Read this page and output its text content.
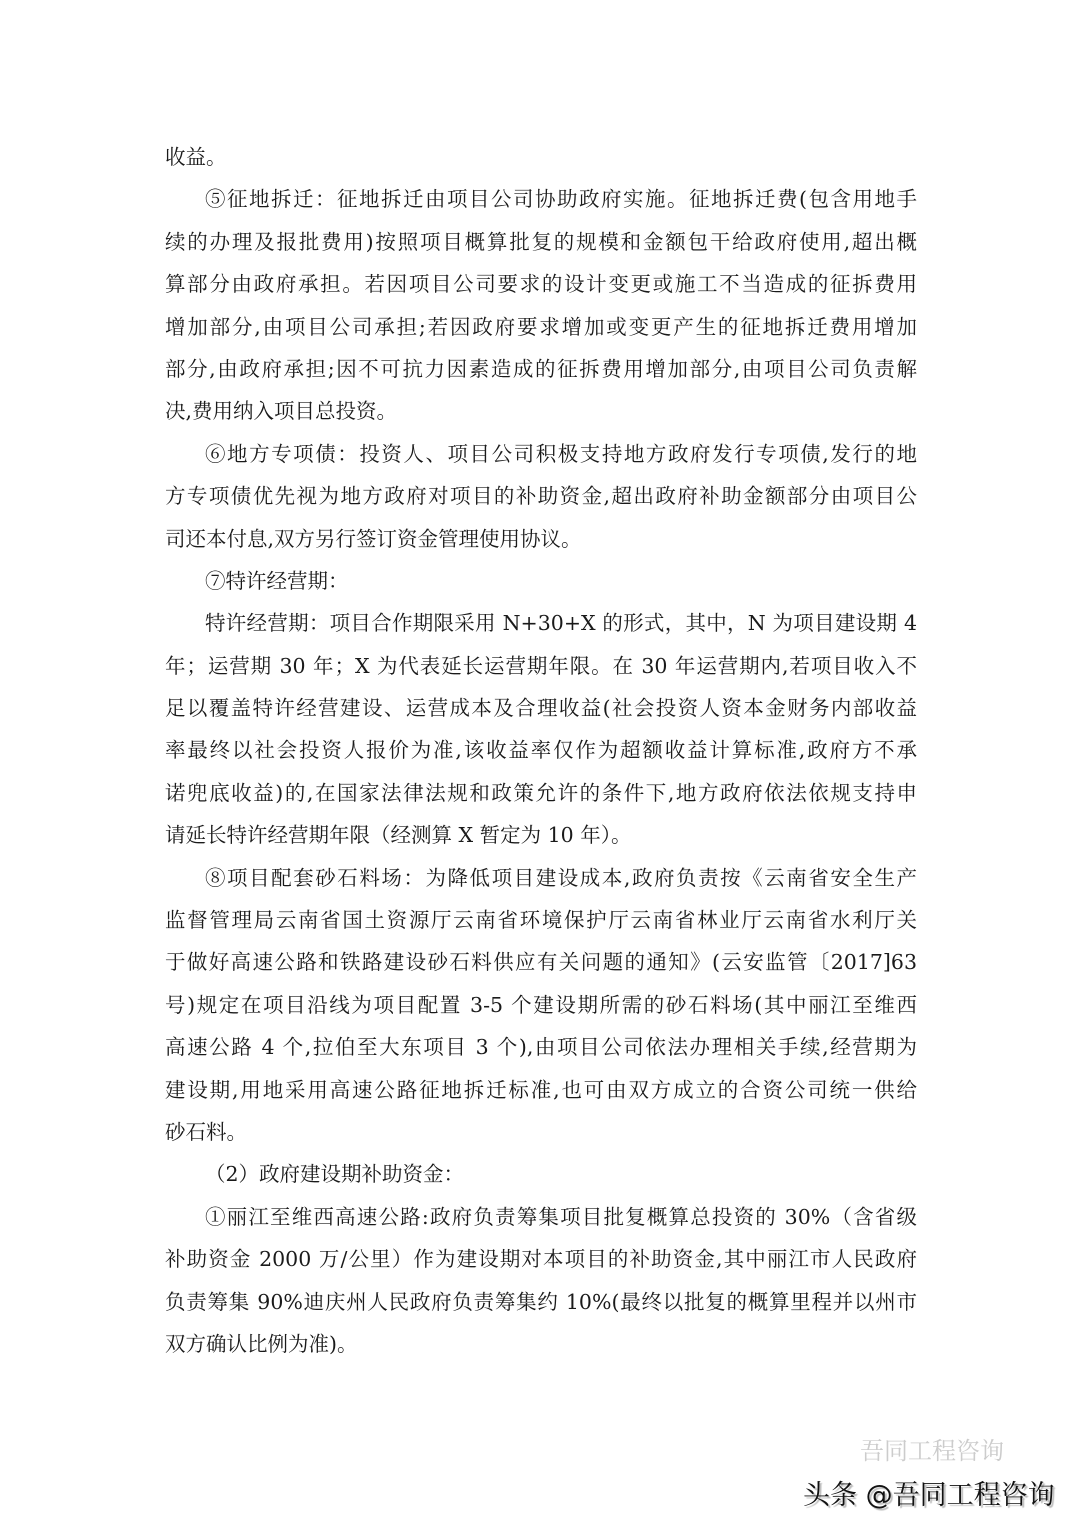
收益。
⑤征地拆迁：征地拆迁由项目公司协助政府实施。征地拆迁费(包含用地手
续的办理及报批费用)按照项目概算批复的规模和金额包干给政府使用,超出概
算部分由政府承担。若因项目公司要求的设计变更或施工不当造成的征拆费用
增加部分,由项目公司承担;若因政府要求增加或变更产生的征地拆迁费用增加
部分,由政府承担;因不可抗力因素造成的征拆费用增加部分,由项目公司负责解
决,费用纳入项目总投资。
⑥地方专项债：投资人、项目公司积极支持地方政府发行专项债,发行的地
方专项债优先视为地方政府对项目的补助资金,超出政府补助金额部分由项目公
司还本付息,双方另行签订资金管理使用协议。
⑦特许经营期：
特许经营期：项目合作期限采用 N+30+X 的形式，其中，N 为项目建设期 4
年；运营期 30 年；X 为代表延长运营期年限。在 30 年运营期内,若项目收入不
足以覆盖特许经营建设、运营成本及合理收益(社会投资人资本金财务内部收益
率最终以社会投资人报价为准,该收益率仅作为超额收益计算标准,政府方不承
诺兜底收益)的,在国家法律法规和政策允许的条件下,地方政府依法依规支持申
请延长特许经营期年限（经测算 X 暂定为 10 年）。
⑧项目配套砂石料场：为降低项目建设成本,政府负责按《云南省安全生产
监督管理局云南省国土资源厅云南省环境保护厅云南省林业厅云南省水利厅关
于做好高速公路和铁路建设砂石料供应有关问题的通知》(云安监管〔2017]63
号)规定在项目沿线为项目配置 3-5 个建设期所需的砂石料场(其中丽江至维西
高速公路 4 个,拉伯至大东项目 3 个),由项目公司依法办理相关手续,经营期为
建设期,用地采用高速公路征地拆迁标准,也可由双方成立的合资公司统一供给
砂石料。
（2）政府建设期补助资金：
①丽江至维西高速公路:政府负责筹集项目批复概算总投资的 30%（含省级
补助资金 2000 万/公里）作为建设期对本项目的补助资金,其中丽江市人民政府
负责筹集 90%迪庆州人民政府负责筹集约 10%(最终以批复的概算里程并以州市
双方确认比例为准)。
吾同工程咨询
头条 @吾同工程咨询
